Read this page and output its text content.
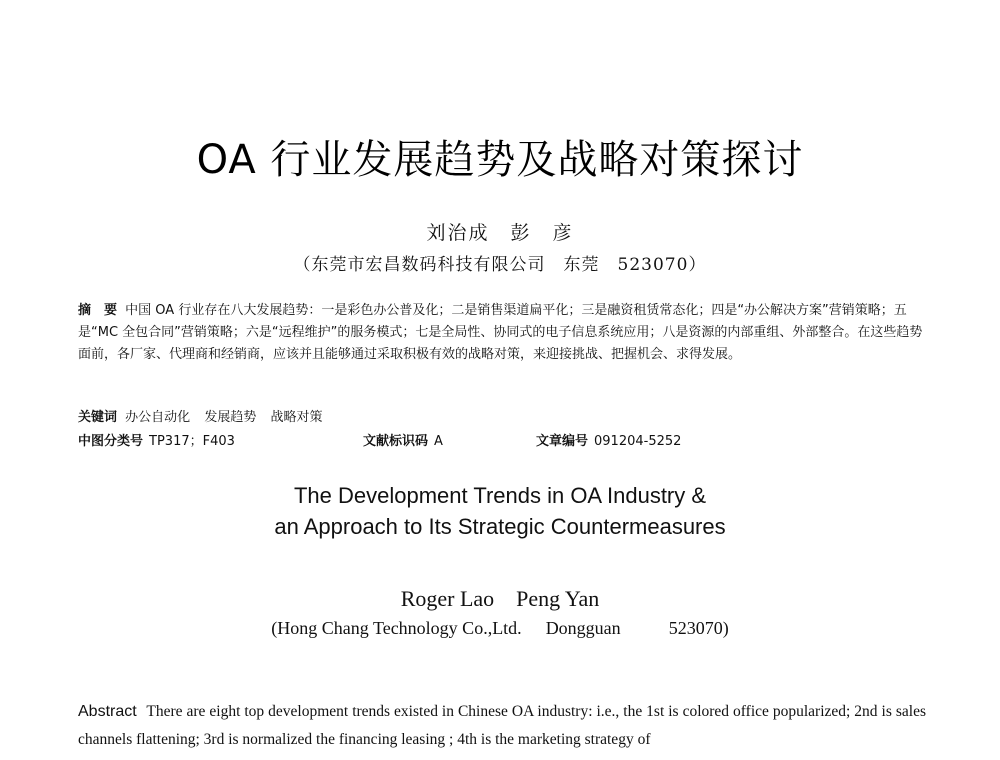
OA 行业发展趋势及战略对策探讨
刘治成　彭　彦
（东莞市宏昌数码科技有限公司　东莞　523070）
摘　要 中国 OA 行业存在八大发展趋势：一是彩色办公普及化；二是销售渠道扁平化；三是融资租赁常态化；四是“办公解决方案”营销策略；五是“MC 全包合同”营销策略；六是“远程维护”的服务模式；七是全局性、协同式的电子信息系统应用；八是资源的内部重组、外部整合。在这些趋势面前，各厂家、代理商和经销商，应该并且能够通过采取积极有效的战略对策，来迎接挑战、把握机会、求得发展。
关键词 办公自动化 发展趋势 战略对策
中图分类号 TP317；F403	文献标识码 A	文章编号 091204-5252
The Development Trends in OA Industry &
an Approach to Its Strategic Countermeasures
Roger Lao Peng Yan
(Hong Chang Technology Co.,Ltd. Dongguan	523070)
Abstract There are eight top development trends existed in Chinese OA industry: i.e., the 1st is colored office popularized; 2nd is sales channels flattening; 3rd is normalized the financing leasing ; 4th is the marketing strategy of
